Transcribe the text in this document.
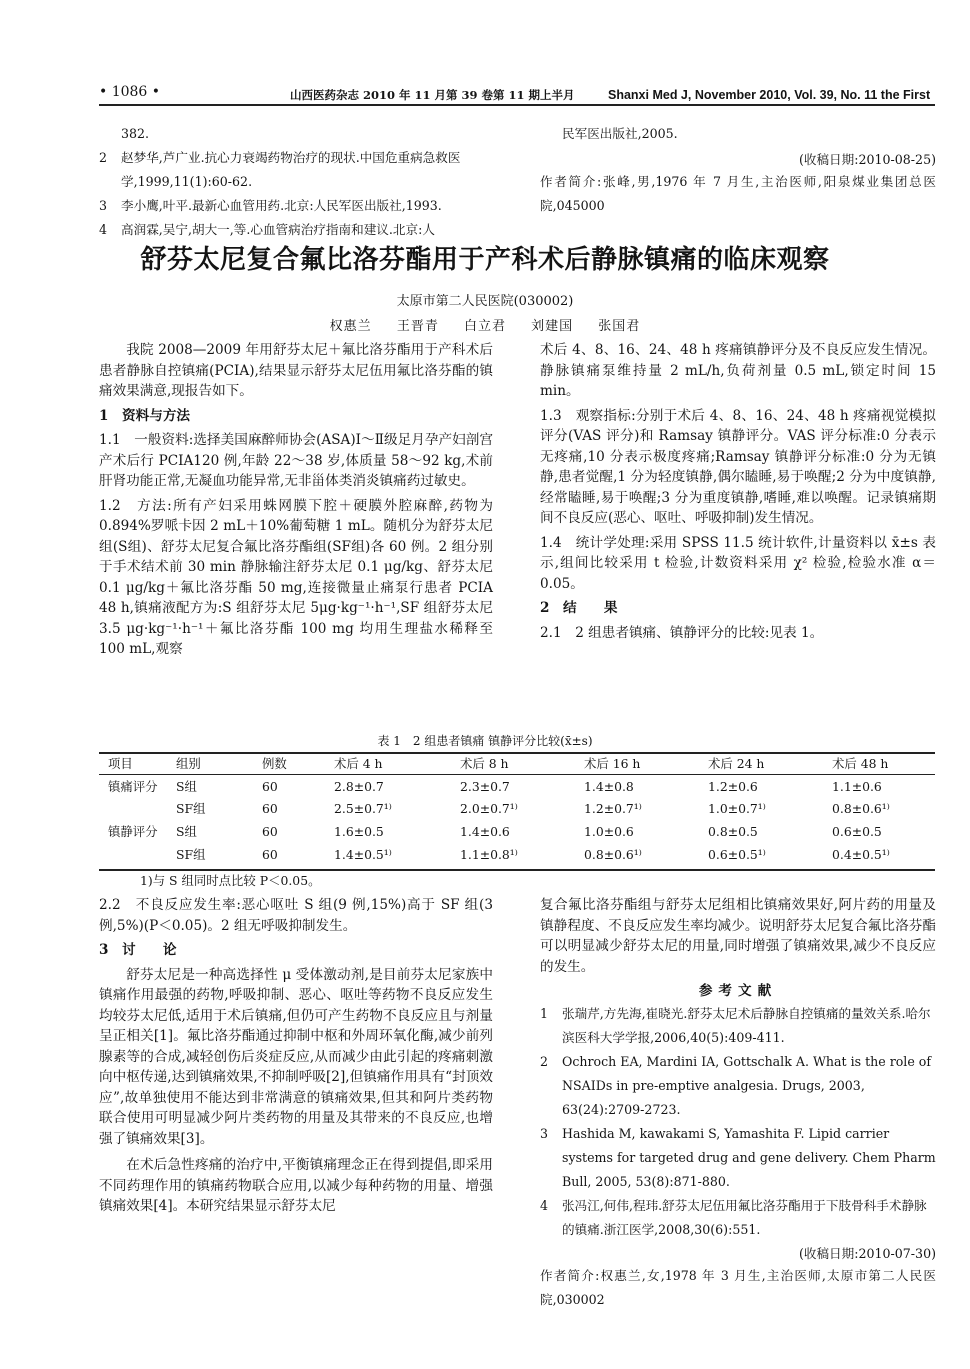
• 1086 •	山西医药杂志 2010 年 11 月第 39 卷第 11 期上半月	Shanxi Med J, November 2010, Vol. 39, No. 11 the First
382.
2	赵梦华,芦广业.抗心力衰竭药物治疗的现状.中国危重病急救医学,1999,11(1):60-62.
3	李小鹰,叶平.最新心血管用药.北京:人民军医出版社,1993.
4	高润霖,吴宁,胡大一,等.心血管病治疗指南和建议.北京:人
民军医出版社,2005.
(收稿日期:2010-08-25)
作者简介:张峰,男,1976 年 7 月生,主治医师,阳泉煤业集团总医院,045000
舒芬太尼复合氟比洛芬酯用于产科术后静脉镇痛的临床观察
太原市第二人民医院(030002)
权惠兰 王晋青 白立君 刘建国 张国君
我院 2008—2009 年用舒芬太尼＋氟比洛芬酯用于产科术后患者静脉自控镇痛(PCIA),结果显示舒芬太尼伍用氟比洛芬酯的镇痛效果满意,现报告如下。
1　资料与方法
1.1　一般资料:选择美国麻醉师协会(ASA)Ⅰ～Ⅱ级足月孕产妇剖宫产术后行 PCIA120 例,年龄 22～38 岁,体质量 58～92 kg,术前肝肾功能正常,无凝血功能异常,无非甾体类消炎镇痛药过敏史。
1.2　方法:所有产妇采用蛛网膜下腔＋硬膜外腔麻醉,药物为 0.894%罗哌卡因 2 mL＋10%葡萄糖 1 mL。随机分为舒芬太尼组(S组)、舒芬太尼复合氟比洛芬酯组(SF组)各 60 例。2 组分别于手术结术前 30 min 静脉输注舒芬太尼 0.1 μg/kg、舒芬太尼 0.1 μg/kg＋氟比洛芬酯 50 mg,连接微量止痛泵行患者 PCIA 48 h,镇痛液配方为:S 组舒芬太尼 5μg·kg⁻¹·h⁻¹,SF 组舒芬太尼 3.5 μg·kg⁻¹·h⁻¹＋氟比洛芬酯 100 mg 均用生理盐水稀释至 100 mL,观察
术后 4、8、16、24、48 h 疼痛镇静评分及不良反应发生情况。静脉镇痛泵维持量 2 mL/h,负荷剂量 0.5 mL,锁定时间 15 min。
1.3　观察指标:分别于术后 4、8、16、24、48 h 疼痛视觉模拟评分(VAS 评分)和 Ramsay 镇静评分。VAS 评分标准:0 分表示无疼痛,10 分表示极度疼痛;Ramsay 镇静评分标准:0 分为无镇静,患者觉醒,1 分为轻度镇静,偶尔瞌睡,易于唤醒;2 分为中度镇静,经常瞌睡,易于唤醒;3 分为重度镇静,嗜睡,难以唤醒。记录镇痛期间不良反应(恶心、呕吐、呼吸抑制)发生情况。
1.4　统计学处理:采用 SPSS 11.5 统计软件,计量资料以 x̄±s 表示,组间比较采用 t 检验,计数资料采用 χ² 检验,检验水准 α＝0.05。
2　结　　果
2.1　2 组患者镇痛、镇静评分的比较:见表 1。
表 1　2 组患者镇痛 镇静评分比较(x̄±s)
项目	组别	例数	术后 4 h	术后 8 h	术后 16 h	术后 24 h	术后 48 h
镇痛评分 S组	60	2.8±0.7	2.3±0.7	1.4±0.8	1.2±0.6	1.1±0.6
SF组	60	2.5±0.7¹⁾	2.0±0.7¹⁾	1.2±0.7¹⁾	1.0±0.7¹⁾	0.8±0.6¹⁾
镇静评分 S组	60	1.6±0.5	1.4±0.6	1.0±0.6	0.8±0.5	0.6±0.5
SF组	60	1.4±0.5¹⁾	1.1±0.8¹⁾	0.8±0.6¹⁾	0.6±0.5¹⁾	0.4±0.5¹⁾
1)与 S 组同时点比较 P＜0.05。
2.2　不良反应发生率:恶心呕吐 S 组(9 例,15%)高于 SF 组(3 例,5%)(P＜0.05)。2 组无呼吸抑制发生。
3　讨　　论
舒芬太尼是一种高选择性 μ 受体激动剂,是目前芬太尼家族中镇痛作用最强的药物,呼吸抑制、恶心、呕吐等药物不良反应发生均较芬太尼低,适用于术后镇痛,但仍可产生药物不良反应且与剂量呈正相关[1]。氟比洛芬酯通过抑制中枢和外周环氧化酶,减少前列腺素等的合成,减轻创伤后炎症反应,从而减少由此引起的疼痛刺激向中枢传递,达到镇痛效果,不抑制呼吸[2],但镇痛作用具有“封顶效应”,故单独使用不能达到非常满意的镇痛效果,但其和阿片类药物联合使用可明显减少阿片类药物的用量及其带来的不良反应,也增强了镇痛效果[3]。
在术后急性疼痛的治疗中,平衡镇痛理念正在得到提倡,即采用不同药理作用的镇痛药物联合应用,以减少每种药物的用量、增强镇痛效果[4]。本研究结果显示舒芬太尼
复合氟比洛芬酯组与舒芬太尼组相比镇痛效果好,阿片药的用量及镇静程度、不良反应发生率均减少。说明舒芬太尼复合氟比洛芬酯可以明显减少舒芬太尼的用量,同时增强了镇痛效果,减少不良反应的发生。
参考文献
1	张瑞芹,方先海,崔晓光.舒芬太尼术后静脉自控镇痛的量效关系.哈尔滨医科大学学报,2006,40(5):409-411.
2	Ochroch EA, Mardini IA, Gottschalk A. What is the role of NSAIDs in pre-emptive analgesia. Drugs, 2003, 63(24):2709-2723.
3	Hashida M, kawakami S, Yamashita F. Lipid carrier systems for targeted drug and gene delivery. Chem Pharm Bull, 2005, 53(8):871-880.
4	张冯江,何伟,程玮.舒芬太尼伍用氟比洛芬酯用于下肢骨科手术静脉的镇痛.浙江医学,2008,30(6):551.
(收稿日期:2010-07-30)
作者简介:权惠兰,女,1978 年 3 月生,主治医师,太原市第二人民医院,030002
